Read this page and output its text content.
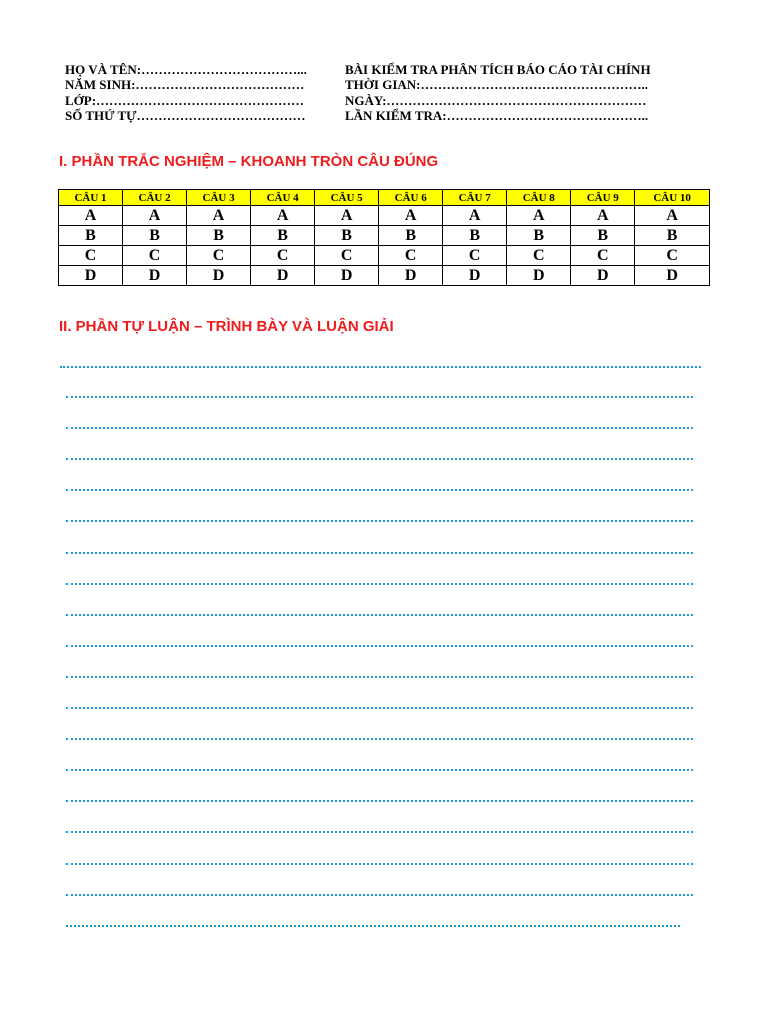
HỌ VÀ TÊN:………………………………...
NĂM SINH:…………………………………
LỚP:…………………………………………
SỐ THỨ TỰ…………………………………
BÀI KIỂM TRA PHÂN TÍCH BÁO CÁO TÀI CHÍNH
THỜI GIAN:……………………………………………..
NGÀY:……………………………………………………
LẦN KIỂM TRA:………………………………………..
I. PHẦN TRẮC NGHIỆM – KHOANH TRÒN CÂU ĐÚNG
CÂU 1	CÂU 2	CÂU 3	CÂU 4	CÂU 5	CÂU 6	CÂU 7	CÂU 8	CÂU 9	CÂU 10
A	A	A	A	A	A	A	A	A	A
B	B	B	B	B	B	B	B	B	B
C	C	C	C	C	C	C	C	C	C
D	D	D	D	D	D	D	D	D	D
II. PHẦN TỰ LUẬN – TRÌNH BÀY VÀ LUẬN GIẢI
